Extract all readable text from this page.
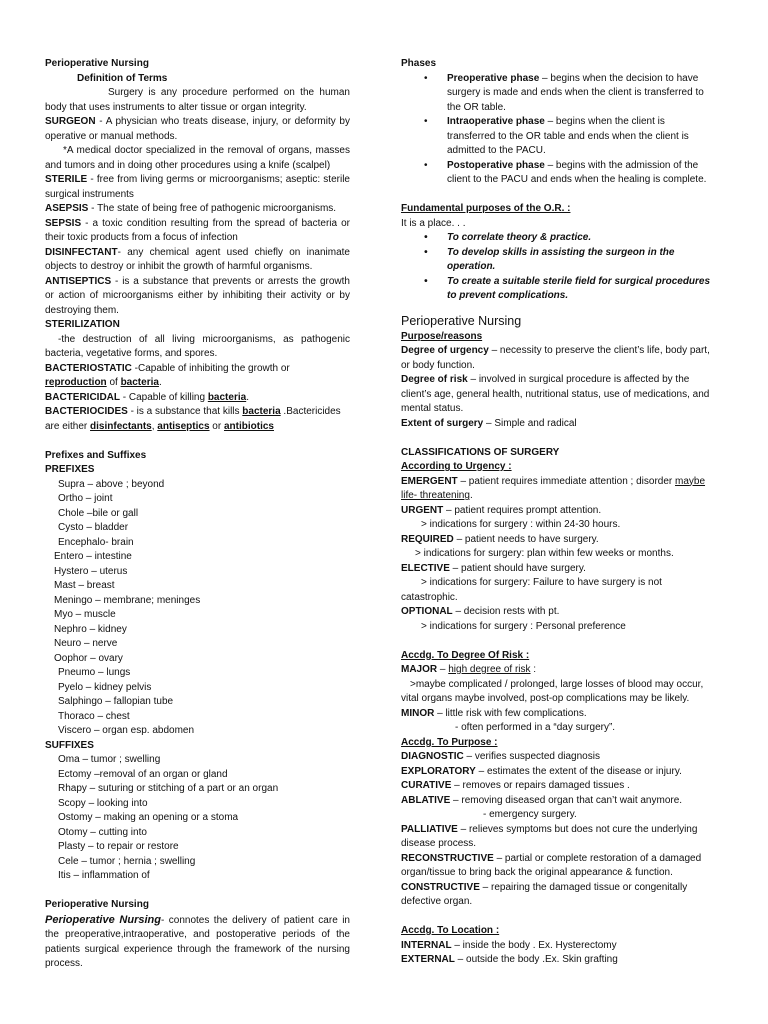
Perioperative Nursing

Definition of Terms

Surgery is any procedure performed on the human body that uses instruments to alter tissue or organ integrity.

SURGEON - A physician who treats disease, injury, or deformity by operative or manual methods.

*A medical doctor specialized in the removal of organs, masses and tumors and in doing other procedures using a knife (scalpel)

STERILE - free from living germs or microorganisms; aseptic: sterile surgical instruments

ASEPSIS - The state of being free of pathogenic microorganisms.

SEPSIS - a toxic condition resulting from the spread of bacteria or their toxic products from a focus of infection

DISINFECTANT- any chemical agent used chiefly on inanimate objects to destroy or inhibit the growth of harmful organisms.

ANTISEPTICS - is a substance that prevents or arrests the growth or action of microorganisms either by inhibiting their activity or by destroying them.

STERILIZATION

-the destruction of all living microorganisms, as pathogenic bacteria, vegetative forms, and spores.

BACTERIOSTATIC -Capable of inhibiting the growth or reproduction of bacteria.

BACTERICIDAL - Capable of killing bacteria.

BACTERIOCIDES - is a substance that kills bacteria .Bactericides are either disinfectants, antiseptics or antibiotics

Prefixes and Suffixes

PREFIXES

Supra – above ; beyond

Ortho – joint

Chole –bile or gall

Cysto – bladder

Encephalo- brain

Entero – intestine

Hystero – uterus

Mast – breast

Meningo – membrane; meninges

Myo – muscle

Nephro – kidney

Neuro – nerve

Oophor – ovary

Pneumo – lungs

Pyelo – kidney pelvis

Salphingo – fallopian tube

Thoraco – chest

Viscero – organ esp. abdomen

SUFFIXES

Oma – tumor ; swelling

Ectomy –removal of an organ or gland

Rhapy – suturing or stitching of a part or an organ

Scopy – looking into

Ostomy – making an opening or a stoma

Otomy – cutting into

Plasty – to repair or restore

Cele – tumor ; hernia ; swelling

Itis – inflammation of

Perioperative Nursing

Perioperative Nursing- connotes the delivery of patient care in the preoperative,intraoperative, and postoperative periods of the patients surgical experience through the framework of the nursing process.

Phases

• Preoperative phase – begins when the decision to have surgery is made and ends when the client is transferred to the OR table.
• Intraoperative phase – begins when the client is transferred to the OR table and ends when the client is admitted to the PACU.
• Postoperative phase – begins with the admission of the client to the PACU and ends when the healing is complete.

Fundamental purposes of the O.R. :

It is a place. . .

• To correlate theory & practice.
• To develop skills in assisting the surgeon in the operation.
• To create a suitable sterile field for surgical procedures to prevent complications.

Perioperative Nursing

Purpose/reasons

Degree of urgency – necessity to preserve the client’s life, body part, or body function.

Degree of risk – involved in surgical procedure is affected by the client’s age, general health, nutritional status, use of medications, and mental status.

Extent of surgery – Simple and radical

CLASSIFICATIONS OF SURGERY

According to Urgency :

EMERGENT – patient requires immediate attention ; disorder maybe life- threatening.

URGENT – patient requires prompt attention.

> indications for surgery : within 24-30 hours.

REQUIRED – patient needs to have surgery.

> indications for surgery: plan within few weeks or months.

ELECTIVE – patient should have surgery.

> indications for surgery: Failure to have surgery is not catastrophic.

OPTIONAL – decision rests with pt.

> indications for surgery : Personal preference

Accdg. To Degree Of Risk :

MAJOR – high degree of risk :

>maybe complicated / prolonged, large losses of blood may occur, vital organs maybe involved, post-op complications may be likely.

MINOR – little risk with few complications.

- often performed in a “day surgery”.

Accdg. To Purpose :

DIAGNOSTIC – verifies suspected diagnosis

EXPLORATORY – estimates the extent of the disease or injury.

CURATIVE – removes or repairs damaged tissues .

ABLATIVE – removing diseased organ that can’t wait anymore.

- emergency surgery.

PALLIATIVE – relieves symptoms but does not cure the underlying disease process.

RECONSTRUCTIVE – partial or complete restoration of a damaged organ/tissue to bring back the original appearance & function.

CONSTRUCTIVE – repairing the damaged tissue or congenitally defective organ.

Accdg. To Location :

INTERNAL – inside the body . Ex. Hysterectomy

EXTERNAL – outside the body .Ex. Skin grafting
